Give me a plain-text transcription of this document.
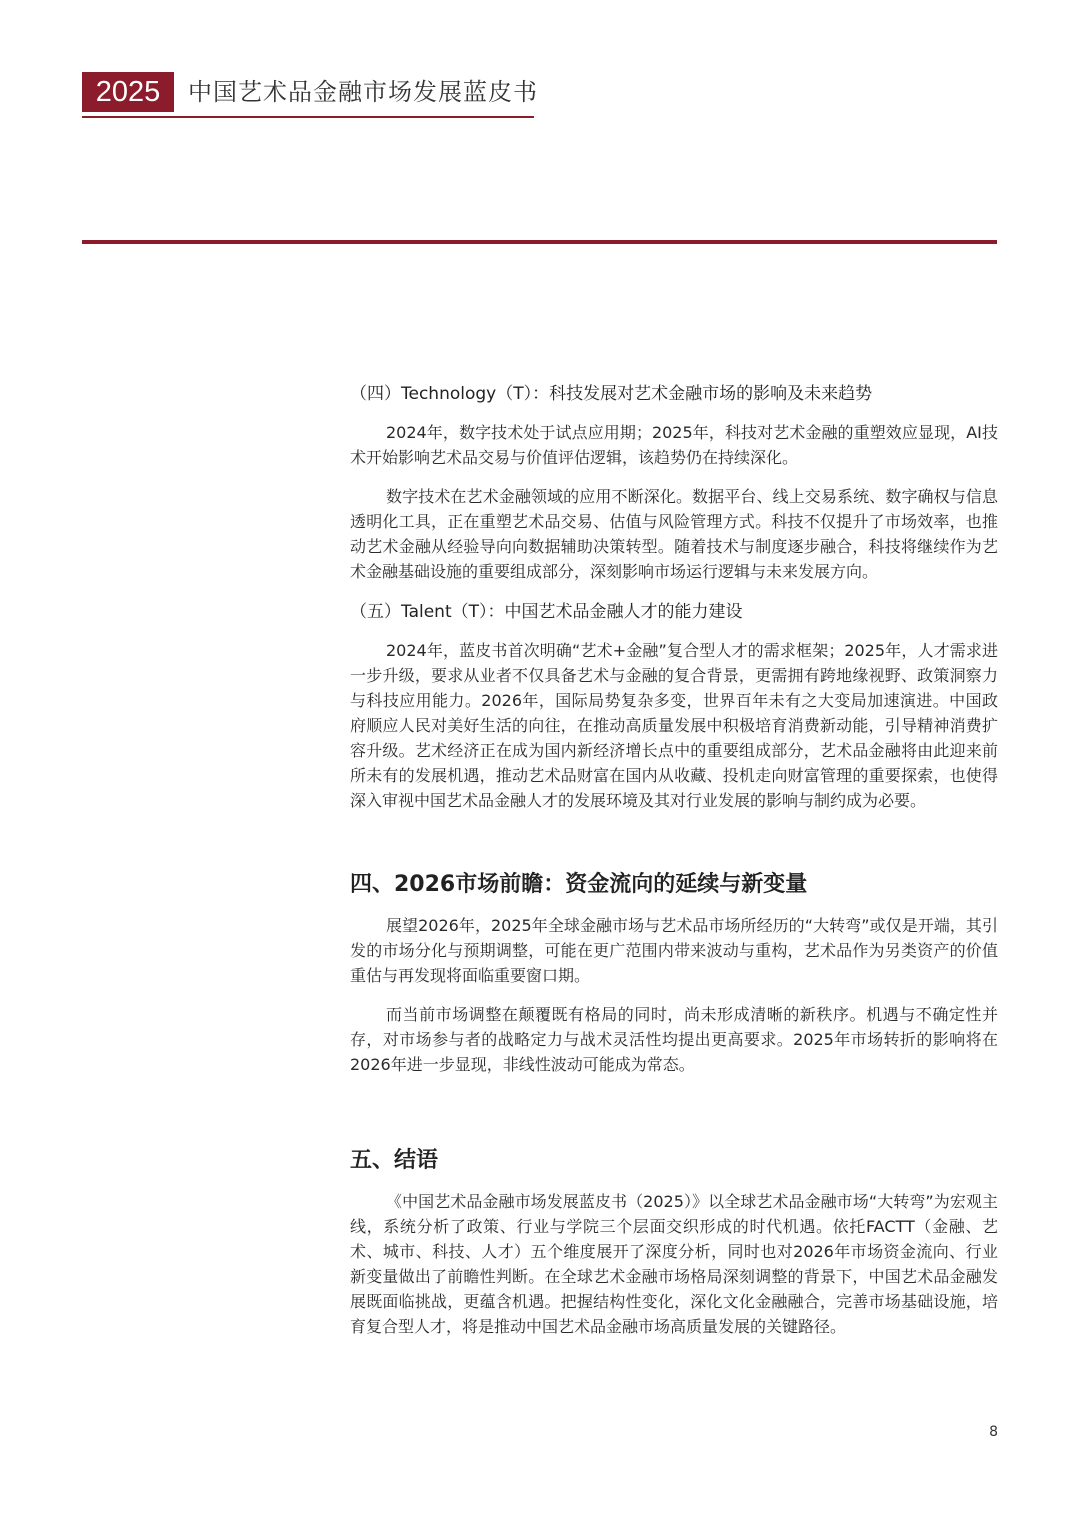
2025	中国艺术品金融市场发展蓝皮书
（四）Technology（T）：科技发展对艺术金融市场的影响及未来趋势

2024年，数字技术处于试点应用期；2025年，科技对艺术金融的重塑效应显现，AI技术开始影响艺术品交易与价值评估逻辑，该趋势仍在持续深化。

数字技术在艺术金融领域的应用不断深化。数据平台、线上交易系统、数字确权与信息透明化工具，正在重塑艺术品交易、估值与风险管理方式。科技不仅提升了市场效率，也推动艺术金融从经验导向向数据辅助决策转型。随着技术与制度逐步融合，科技将继续作为艺术金融基础设施的重要组成部分，深刻影响市场运行逻辑与未来发展方向。

（五）Talent（T）：中国艺术品金融人才的能力建设

2024年，蓝皮书首次明确“艺术+金融”复合型人才的需求框架；2025年，人才需求进一步升级，要求从业者不仅具备艺术与金融的复合背景，更需拥有跨地缘视野、政策洞察力与科技应用能力。2026年，国际局势复杂多变，世界百年未有之大变局加速演进。中国政府顺应人民对美好生活的向往，在推动高质量发展中积极培育消费新动能，引导精神消费扩容升级。艺术经济正在成为国内新经济增长点中的重要组成部分，艺术品金融将由此迎来前所未有的发展机遇，推动艺术品财富在国内从收藏、投机走向财富管理的重要探索，也使得深入审视中国艺术品金融人才的发展环境及其对行业发展的影响与制约成为必要。

四、2026市场前瞻：资金流向的延续与新变量

展望2026年，2025年全球金融市场与艺术品市场所经历的“大转弯”或仅是开端，其引发的市场分化与预期调整，可能在更广范围内带来波动与重构，艺术品作为另类资产的价值重估与再发现将面临重要窗口期。

而当前市场调整在颠覆既有格局的同时，尚未形成清晰的新秩序。机遇与不确定性并存，对市场参与者的战略定力与战术灵活性均提出更高要求。2025年市场转折的影响将在2026年进一步显现，非线性波动可能成为常态。

五、结语

《中国艺术品金融市场发展蓝皮书（2025）》以全球艺术品金融市场“大转弯”为宏观主线，系统分析了政策、行业与学院三个层面交织形成的时代机遇。依托FACTT（金融、艺术、城市、科技、人才）五个维度展开了深度分析，同时也对2026年市场资金流向、行业新变量做出了前瞻性判断。在全球艺术金融市场格局深刻调整的背景下，中国艺术品金融发展既面临挑战，更蕴含机遇。把握结构性变化，深化文化金融融合，完善市场基础设施，培育复合型人才，将是推动中国艺术品金融市场高质量发展的关键路径。

8
